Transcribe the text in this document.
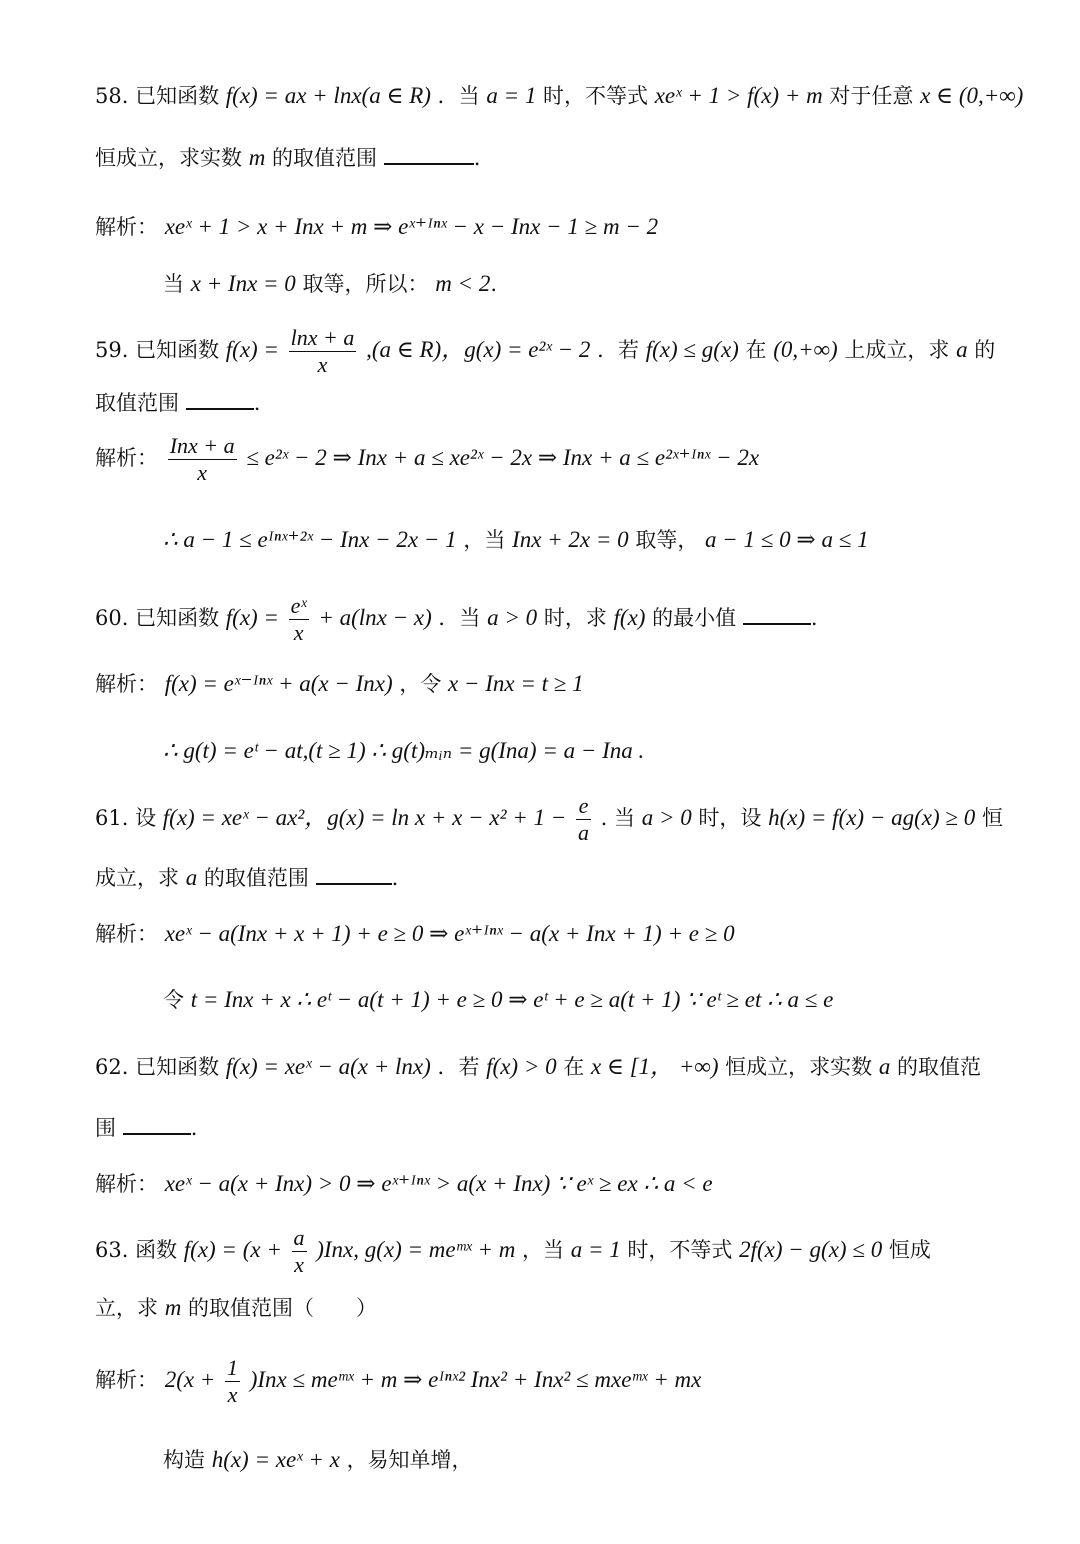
58. 已知函数 f(x) = ax + lnx(a ∈ R) ．当 a = 1 时，不等式 xeˣ + 1 > f(x) + m 对于任意 x ∈ (0,+∞)
恒成立，求实数 m 的取值范围	.
解析： xeˣ + 1 > x + Inx + m ⇒ eˣ⁺ᴵⁿˣ − x − Inx − 1 ≥ m − 2
当 x + Inx = 0 取等，所以： m < 2.
59. 已知函数 $f(x) = \frac{\ln x + a}{x} ,(a$ ∈ R)，g(x) = e²ˣ − 2 ．若 f(x) ≤ g(x) 在 (0,+∞) 上成立，求 a 的
取值范围	.
解析： $\frac{\text{Inx + a}}{x}$ ≤ e²ˣ − 2 ⇒ Inx + a ≤ xe²ˣ − 2x ⇒ Inx + a ≤ e²ˣ⁺ᴵⁿˣ − 2x
∴ a − 1 ≤ eᴵⁿˣ⁺²ˣ − Inx − 2x − 1 ，当 Inx + 2x = 0 取等， a − 1 ≤ 0 ⇒ a ≤ 1
60. 已知函数 $f(x) = \frac{\text{eˣ}}{x} + a(\ln x - x)$ ．当 a > 0 时，求 f(x) 的最小值	.
解析： f(x) = eˣ⁻ᴵⁿˣ + a(x − Inx) ，令 x − Inx = t ≥ 1
∴ g(t) = eᵗ − at,(t ≥ 1) ∴ g(t)ₘᵢₙ = g(Ina) = a − Ina .
61. 设 f(x) = xeˣ − ax²，$g(x) = \ln x + x - x^2 + 1 - \frac{e}{a}$ . 当 a > 0 时，设 h(x) = f(x) − ag(x) ≥ 0 恒
成立，求 a 的取值范围	.
解析： xeˣ − a(Inx + x + 1) + e ≥ 0 ⇒ eˣ⁺ᴵⁿˣ − a(x + Inx + 1) + e ≥ 0
令 t = Inx + x ∴ eᵗ − a(t + 1) + e ≥ 0 ⇒ eᵗ + e ≥ a(t + 1) ∵ eᵗ ≥ et ∴ a ≤ e
62. 已知函数 f(x) = xeˣ − a(x + lnx) ．若 f(x) > 0 在 x ∈ [1， +∞) 恒成立，求实数 a 的取值范
围	.
解析： xeˣ − a(x + Inx) > 0 ⇒ eˣ⁺ᴵⁿˣ > a(x + Inx) ∵ eˣ ≥ ex ∴ a < e
63. 函数 $f(x) = (x + \frac{a}{x} )Inx$, g(x) = meᵐˣ + m ，当 a = 1 时，不等式 2f(x) − g(x) ≤ 0 恒成
立，求 m 的取值范围（　　）
解析： $2(x + \frac{1}{x} )Inx$ ≤ meᵐˣ + m ⇒ eᴵⁿˣ² Inx² + Inx² ≤ mxeᵐˣ + mx
构造 h(x) = xeˣ + x ，易知单增，
